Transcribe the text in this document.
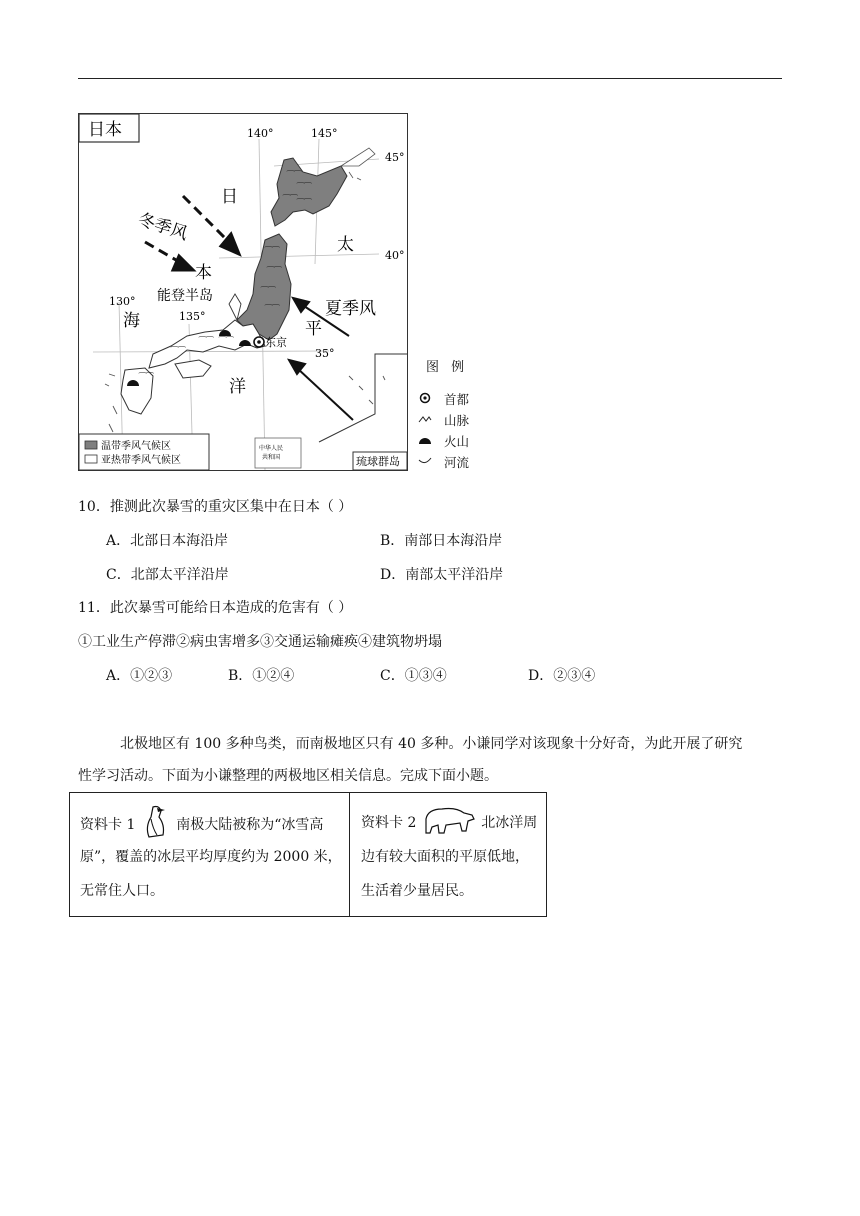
⁀⁀
⁀⁀
⁀⁀ ⁀⁀
⁀⁀
⁀⁀
⁀⁀
⁀⁀
⁀⁀
⁀⁀
⁀⁀
⁀⁀
日本	140°	145°
130°
135°
45°
40°
35°
日
本
海
太
平
洋
冬季风
夏季风
能登半岛
东京
琉球群岛
中华人民
共和国
温带季风气候区
亚热带季风气候区
图 例
首都
山脉
火山
河流
10．推测此次暴雪的重灾区集中在日本（ ）
A．北部日本海沿岸	B．南部日本海沿岸
C．北部太平洋沿岸	D．南部太平洋沿岸
11．此次暴雪可能给日本造成的危害有（ ）
①工业生产停滞②病虫害增多③交通运输瘫痪④建筑物坍塌
A．①②③	B．①②④	C．①③④	D．②③④
北极地区有 100 多种鸟类，而南极地区只有 40 多种。小谦同学对该现象十分好奇，为此开展了研究
性学习活动。下面为小谦整理的两极地区相关信息。完成下面小题。
资料卡 1	南极大陆被称为“冰雪高
原”，覆盖的冰层平均厚度约为 2000 米，
无常住人口。
资料卡 2	北冰洋周
边有较大面积的平原低地，
生活着少量居民。
